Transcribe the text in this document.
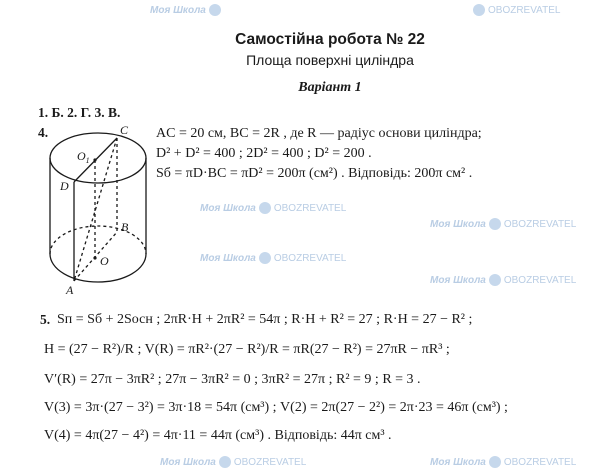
Моя Школа	OBOZREVATEL
Моя Школа OBOZREVATEL
Моя Школа OBOZREVATEL
Моя Школа OBOZREVATEL
Моя Школа OBOZREVATEL
Моя Школа OBOZREVATEL	Моя Школа OBOZREVATEL
Самостійна робота № 22
Площа поверхні циліндра
Варіант 1
1. Б. 2. Г. 3. В.
4.	C
$O_1$
D
B
O
A
AC = 20 см, BC = 2R , де R — радіус основи циліндра;
D² + D² = 400 ; 2D² = 400 ; D² = 200 .
Sб = πD·BC = πD² = 200π (см²) . Відповідь: 200π см² .
5. Sп = Sб + 2Sосн ; 2πR·H + 2πR² = 54π ; R·H + R² = 27 ; R·H = 27 − R² ;
H = (27 − R²)/R ; V(R) = πR²·(27 − R²)/R = πR(27 − R²) = 27πR − πR³ ;
V′(R) = 27π − 3πR² ; 27π − 3πR² = 0 ; 3πR² = 27π ; R² = 9 ; R = 3 .
V(3) = 3π·(27 − 3²) = 3π·18 = 54π (см³) ; V(2) = 2π(27 − 2²) = 2π·23 = 46π (см³) ;
V(4) = 4π(27 − 4²) = 4π·11 = 44π (см³) . Відповідь: 44π см³ .
